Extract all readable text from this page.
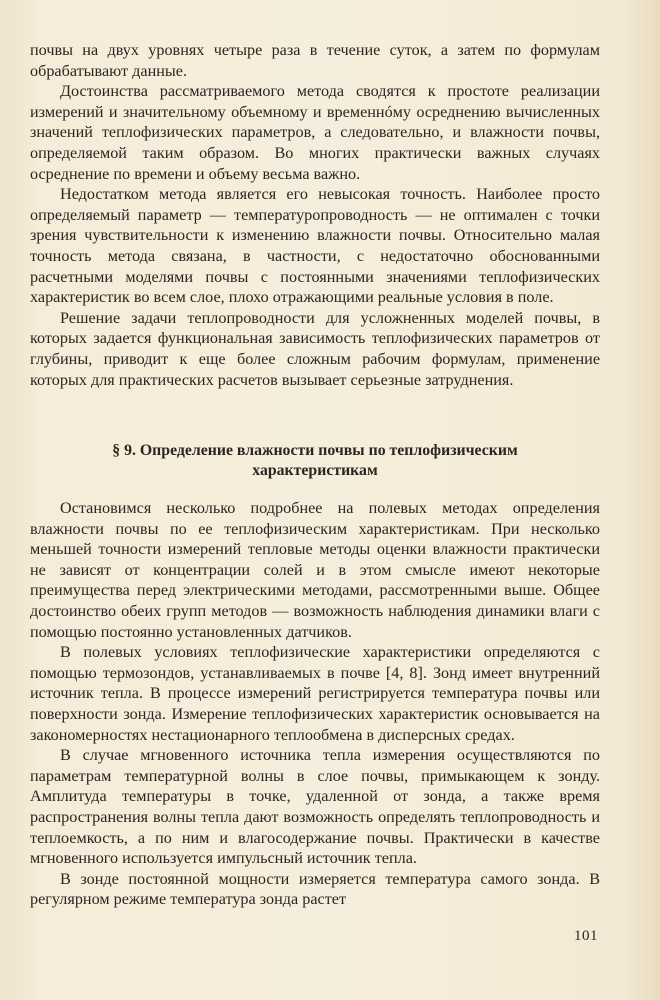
почвы на двух уровнях четыре раза в течение суток, а затем по формулам обрабатывают данные.

Достоинства рассматриваемого метода сводятся к простоте реализации измерений и значительному объемному и временнóму осреднению вычисленных значений теплофизических параметров, а следовательно, и влажности почвы, определяемой таким образом. Во многих практически важных случаях осреднение по времени и объему весьма важно.

Недостатком метода является его невысокая точность. Наиболее просто определяемый параметр — температуропроводность — не оптимален с точки зрения чувствительности к изменению влажности почвы. Относительно малая точность метода связана, в частности, с недостаточно обоснованными расчетными моделями почвы с постоянными значениями теплофизических характеристик во всем слое, плохо отражающими реальные условия в поле.

Решение задачи теплопроводности для усложненных моделей почвы, в которых задается функциональная зависимость теплофизических параметров от глубины, приводит к еще более сложным рабочим формулам, применение которых для практических расчетов вызывает серьезные затруднения.

§ 9. Определение влажности почвы по теплофизическим
характеристикам

Остановимся несколько подробнее на полевых методах определения влажности почвы по ее теплофизическим характеристикам. При несколько меньшей точности измерений тепловые методы оценки влажности практически не зависят от концентрации солей и в этом смысле имеют некоторые преимущества перед электрическими методами, рассмотренными выше. Общее достоинство обеих групп методов — возможность наблюдения динамики влаги с помощью постоянно установленных датчиков.

В полевых условиях теплофизические характеристики определяются с помощью термозондов, устанавливаемых в почве [4, 8]. Зонд имеет внутренний источник тепла. В процессе измерений регистрируется температура почвы или поверхности зонда. Измерение теплофизических характеристик основывается на закономерностях нестационарного теплообмена в дисперсных средах.

В случае мгновенного источника тепла измерения осуществляются по параметрам температурной волны в слое почвы, примыкающем к зонду. Амплитуда температуры в точке, удаленной от зонда, а также время распространения волны тепла дают возможность определять теплопроводность и теплоемкость, а по ним и влагосодержание почвы. Практически в качестве мгновенного используется импульсный источник тепла.

В зонде постоянной мощности измеряется температура самого зонда. В регулярном режиме температура зонда растет

101
